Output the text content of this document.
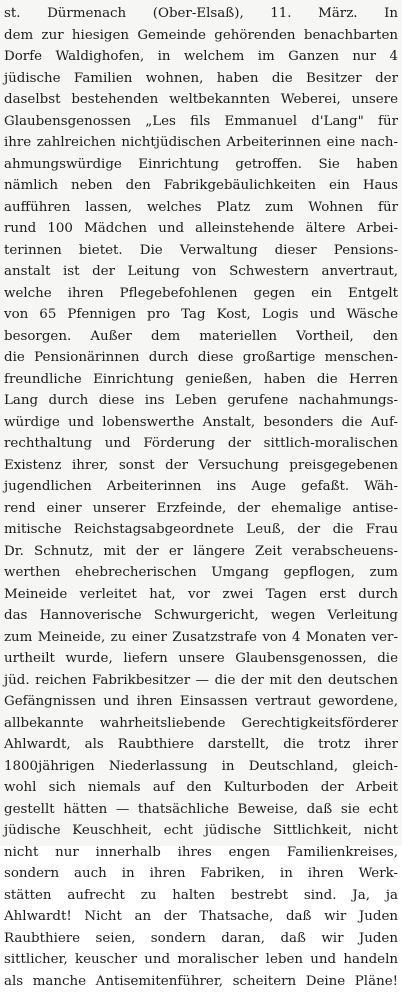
st. Dürmenach (Ober-Elsaß), 11. März. In
dem zur hiesigen Gemeinde gehörenden benachbarten
Dorfe Waldighofen, in welchem im Ganzen nur 4
jüdische Familien wohnen, haben die Besitzer der
daselbst bestehenden weltbekannten Weberei, unsere
Glaubensgenossen „Les fils Emmanuel d'Lang" für
ihre zahlreichen nichtjüdischen Arbeiterinnen eine nach-
ahmungswürdige Einrichtung getroffen. Sie haben
nämlich neben den Fabrikgebäulichkeiten ein Haus
aufführen lassen, welches Platz zum Wohnen für
rund 100 Mädchen und alleinstehende ältere Arbei-
terinnen bietet. Die Verwaltung dieser Pensions-
anstalt ist der Leitung von Schwestern anvertraut,
welche ihren Pflegebefohlenen gegen ein Entgelt
von 65 Pfennigen pro Tag Kost, Logis und Wäsche
besorgen. Außer dem materiellen Vortheil, den
die Pensionärinnen durch diese großartige menschen-
freundliche Einrichtung genießen, haben die Herren
Lang durch diese ins Leben gerufene nachahmungs-
würdige und lobenswerthe Anstalt, besonders die Auf-
rechthaltung und Förderung der sittlich-moralischen
Existenz ihrer, sonst der Versuchung preisgegebenen
jugendlichen Arbeiterinnen ins Auge gefaßt. Wäh-
rend einer unserer Erzfeinde, der ehemalige antise-
mitische Reichstagsabgeordnete Leuß, der die Frau
Dr. Schnutz, mit der er längere Zeit verabscheuens-
werthen ehebrecherischen Umgang gepflogen, zum
Meineide verleitet hat, vor zwei Tagen erst durch
das Hannoverische Schwurgericht, wegen Verleitung
zum Meineide, zu einer Zusatzstrafe von 4 Monaten ver-
urtheilt wurde, liefern unsere Glaubensgenossen, die
jüd. reichen Fabrikbesitzer — die der mit den deutschen
Gefängnissen und ihren Einsassen vertraut gewordene,
allbekannte wahrheitsliebende Gerechtigkeitsförderer
Ahlwardt, als Raubthiere darstellt, die trotz ihrer
1800jährigen Niederlassung in Deutschland, gleich-
wohl sich niemals auf den Kulturboden der Arbeit
gestellt hätten — thatsächliche Beweise, daß sie echt
jüdische Keuschheit, echt jüdische Sittlichkeit, nicht
nicht nur innerhalb ihres engen Familienkreises,
sondern auch in ihren Fabriken, in ihren Werk-
stätten aufrecht zu halten bestrebt sind. Ja, ja
Ahlwardt! Nicht an der Thatsache, daß wir Juden
Raubthiere seien, sondern daran, daß wir Juden
sittlicher, keuscher und moralischer leben und handeln
als manche Antisemitenführer, scheitern Deine Pläne!
